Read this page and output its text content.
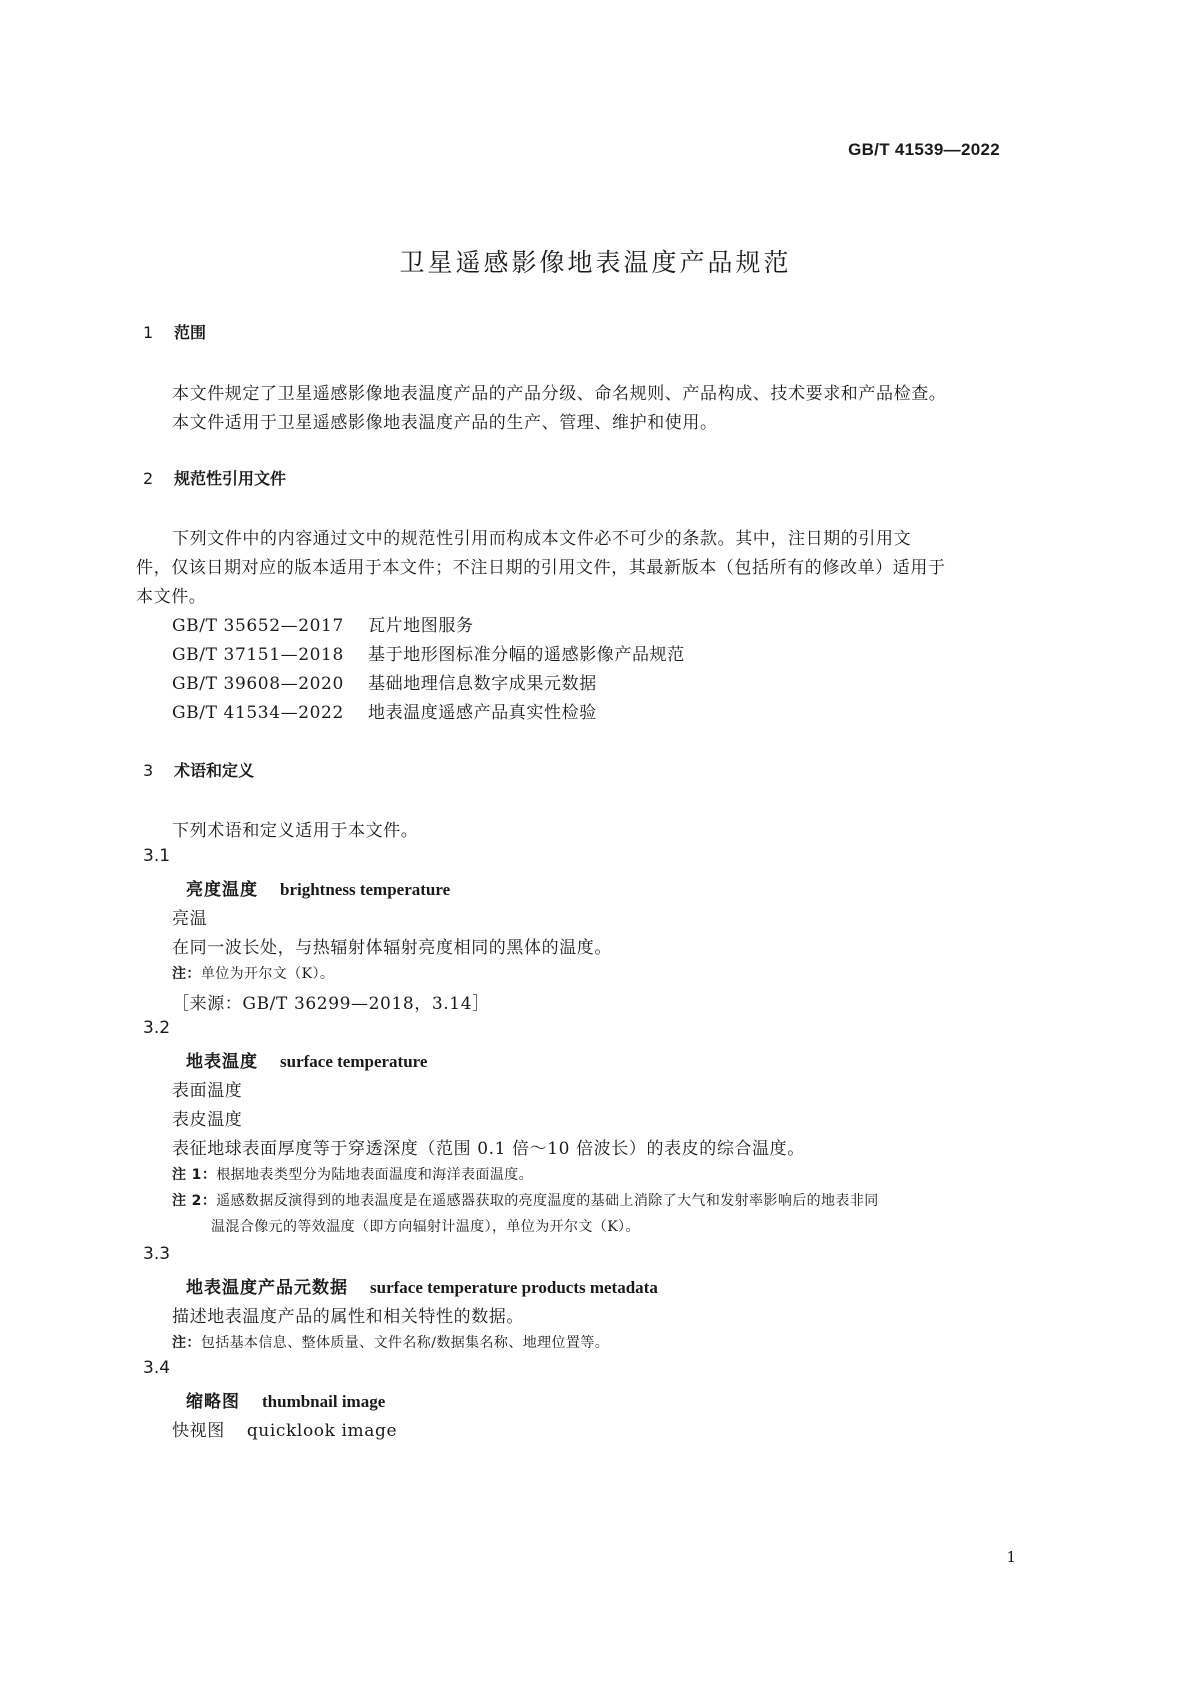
GB/T 41539—2022
卫星遥感影像地表温度产品规范
1 范围
本文件规定了卫星遥感影像地表温度产品的产品分级、命名规则、产品构成、技术要求和产品检查。
本文件适用于卫星遥感影像地表温度产品的生产、管理、维护和使用。
2 规范性引用文件
下列文件中的内容通过文中的规范性引用而构成本文件必不可少的条款。其中，注日期的引用文
件，仅该日期对应的版本适用于本文件；不注日期的引用文件，其最新版本（包括所有的修改单）适用于
本文件。
GB/T 35652—2017 瓦片地图服务
GB/T 37151—2018 基于地形图标准分幅的遥感影像产品规范
GB/T 39608—2020 基础地理信息数字成果元数据
GB/T 41534—2022 地表温度遥感产品真实性检验
3 术语和定义
下列术语和定义适用于本文件。
3.1
亮度温度 brightness temperature
亮温
在同一波长处，与热辐射体辐射亮度相同的黑体的温度。
注：单位为开尔文（K）。
［来源：GB/T 36299—2018，3.14］
3.2
地表温度 surface temperature
表面温度
表皮温度
表征地球表面厚度等于穿透深度（范围 0.1 倍～10 倍波长）的表皮的综合温度。
注 1：根据地表类型分为陆地表面温度和海洋表面温度。
注 2：遥感数据反演得到的地表温度是在遥感器获取的亮度温度的基础上消除了大气和发射率影响后的地表非同
温混合像元的等效温度（即方向辐射计温度），单位为开尔文（K）。
3.3
地表温度产品元数据 surface temperature products metadata
描述地表温度产品的属性和相关特性的数据。
注：包括基本信息、整体质量、文件名称/数据集名称、地理位置等。
3.4
缩略图 thumbnail image
快视图 quicklook image
1
